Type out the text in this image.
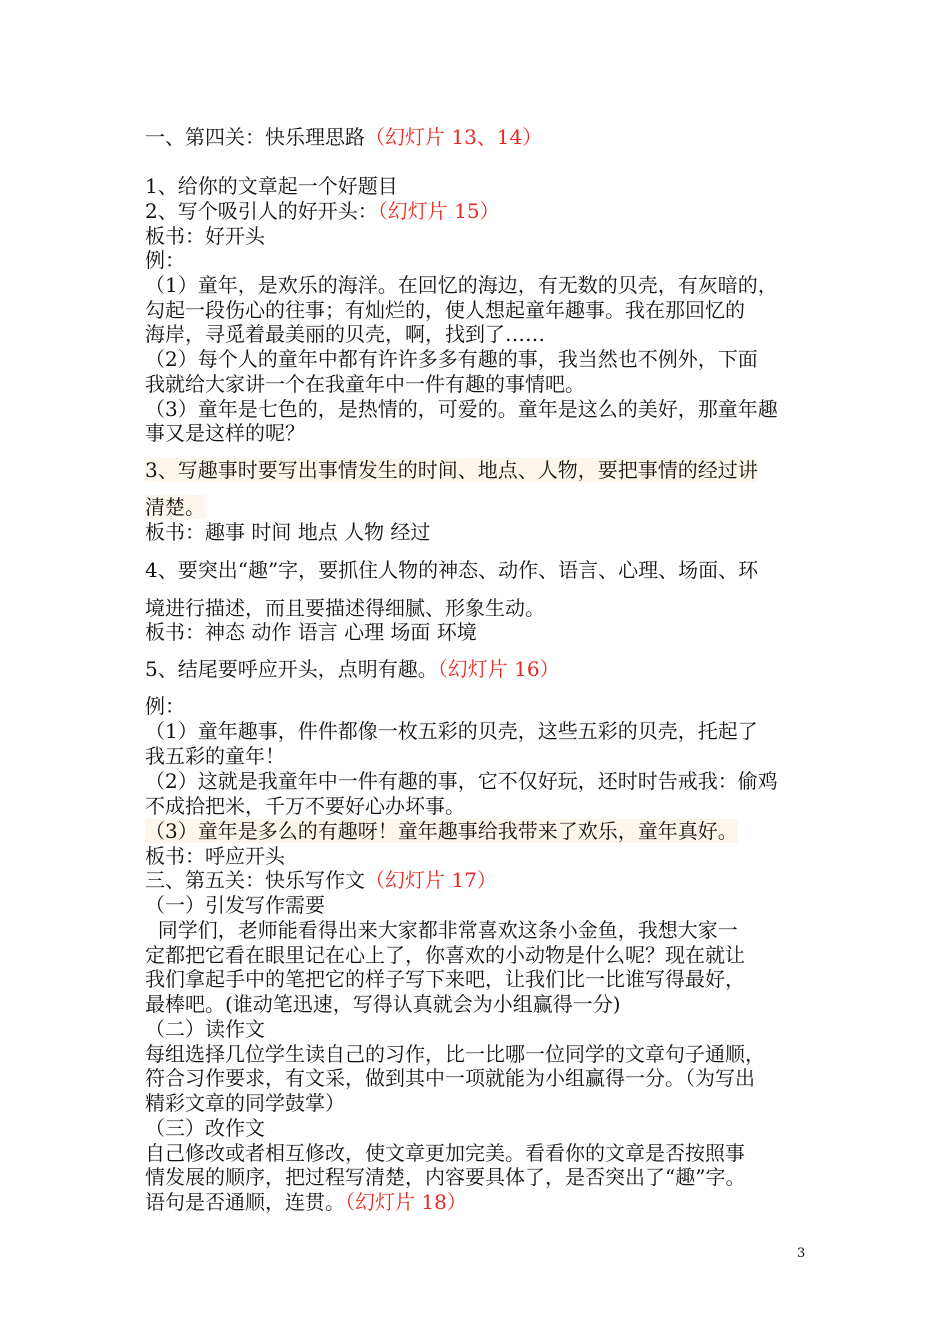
一、第四关：快乐理思路（幻灯片 13、14）
1、给你的文章起一个好题目
2、写个吸引人的好开头：（幻灯片 15）
板书：好开头
例：
（1）童年，是欢乐的海洋。在回忆的海边，有无数的贝壳，有灰暗的，
勾起一段伤心的往事；有灿烂的，使人想起童年趣事。我在那回忆的
海岸，寻觅着最美丽的贝壳，啊，找到了……
（2）每个人的童年中都有许许多多有趣的事，我当然也不例外，下面
我就给大家讲一个在我童年中一件有趣的事情吧。
（3）童年是七色的，是热情的，可爱的。童年是这么的美好，那童年趣
事又是这样的呢？
3、写趣事时要写出事情发生的时间、地点、人物，要把事情的经过讲
清楚。
板书：趣事 时间 地点 人物 经过
4、要突出“趣”字，要抓住人物的神态、动作、语言、心理、场面、环
境进行描述，而且要描述得细腻、形象生动。
板书：神态 动作 语言 心理 场面 环境
5、结尾要呼应开头，点明有趣。（幻灯片 16）
例：
（1）童年趣事，件件都像一枚五彩的贝壳，这些五彩的贝壳，托起了
我五彩的童年！
（2）这就是我童年中一件有趣的事，它不仅好玩，还时时告戒我：偷鸡
不成拾把米，千万不要好心办坏事。
（3）童年是多么的有趣呀！童年趣事给我带来了欢乐，童年真好。
板书：呼应开头
三、第五关：快乐写作文（幻灯片 17）
（一）引发写作需要
同学们，老师能看得出来大家都非常喜欢这条小金鱼，我想大家一
定都把它看在眼里记在心上了，你喜欢的小动物是什么呢？现在就让
我们拿起手中的笔把它的样子写下来吧，让我们比一比谁写得最好，
最棒吧。(谁动笔迅速，写得认真就会为小组赢得一分)
（二）读作文
每组选择几位学生读自己的习作，比一比哪一位同学的文章句子通顺，
符合习作要求，有文采，做到其中一项就能为小组赢得一分。（为写出
精彩文章的同学鼓掌）
（三）改作文
自己修改或者相互修改，使文章更加完美。看看你的文章是否按照事
情发展的顺序，把过程写清楚，内容要具体了，是否突出了“趣”字。
语句是否通顺，连贯。（幻灯片 18）
3
